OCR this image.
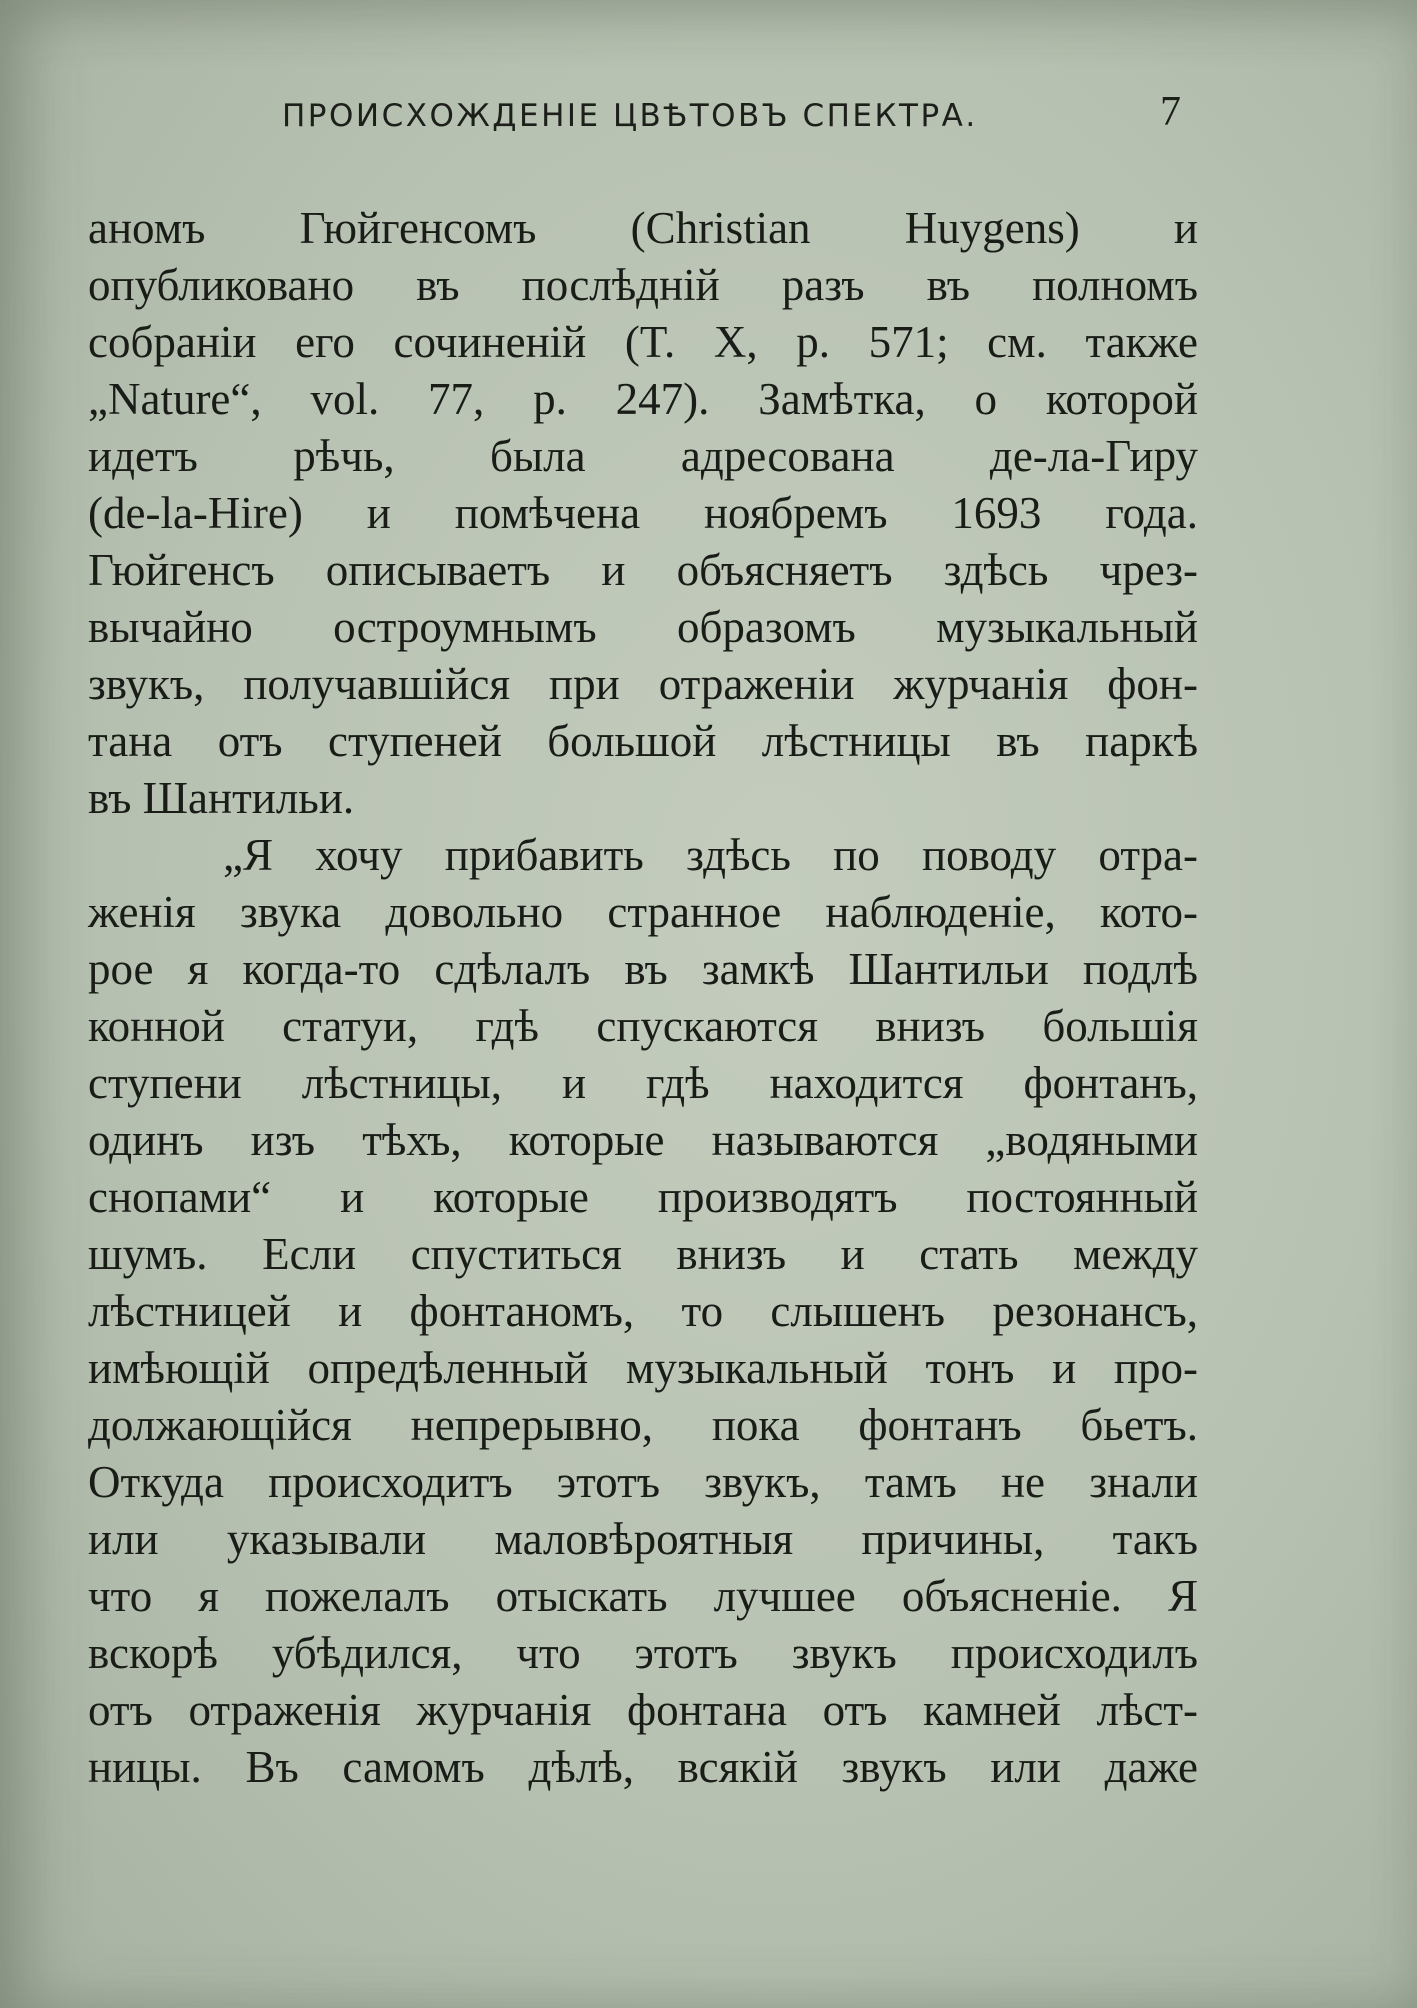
ПРОИСХОЖДЕНІЕ ЦВѢТОВЪ СПЕКТРА.	7
аномъ Гюйгенсомъ (Christian Huygens) и
опубликовано въ послѣдній разъ въ полномъ
собраніи его сочиненій (T. X, p. 571; см. также
„Nature“, vol. 77, p. 247). Замѣтка, о которой
идетъ рѣчь, была адресована де-ла-Гиру
(de-la-Hire) и помѣчена ноябремъ 1693 года.
Гюйгенсъ описываетъ и объясняетъ здѣсь чрез-
вычайно остроумнымъ образомъ музыкальный
звукъ, получавшійся при отраженіи журчанія фон-
тана отъ ступеней большой лѣстницы въ паркѣ
въ Шантильи.
„Я хочу прибавить здѣсь по поводу отра-
женія звука довольно странное наблюденіе, кото-
рое я когда-то сдѣлалъ въ замкѣ Шантильи подлѣ
конной статуи, гдѣ спускаются внизъ большія
ступени лѣстницы, и гдѣ находится фонтанъ,
одинъ изъ тѣхъ, которые называются „водяными
снопами“ и которые производятъ постоянный
шумъ. Если спуститься внизъ и стать между
лѣстницей и фонтаномъ, то слышенъ резонансъ,
имѣющій опредѣленный музыкальный тонъ и про-
должающійся непрерывно, пока фонтанъ бьетъ.
Откуда происходитъ этотъ звукъ, тамъ не знали
или указывали маловѣроятныя причины, такъ
что я пожелалъ отыскать лучшее объясненіе. Я
вскорѣ убѣдился, что этотъ звукъ происходилъ
отъ отраженія журчанія фонтана отъ камней лѣст-
ницы. Въ самомъ дѣлѣ, всякій звукъ или даже
